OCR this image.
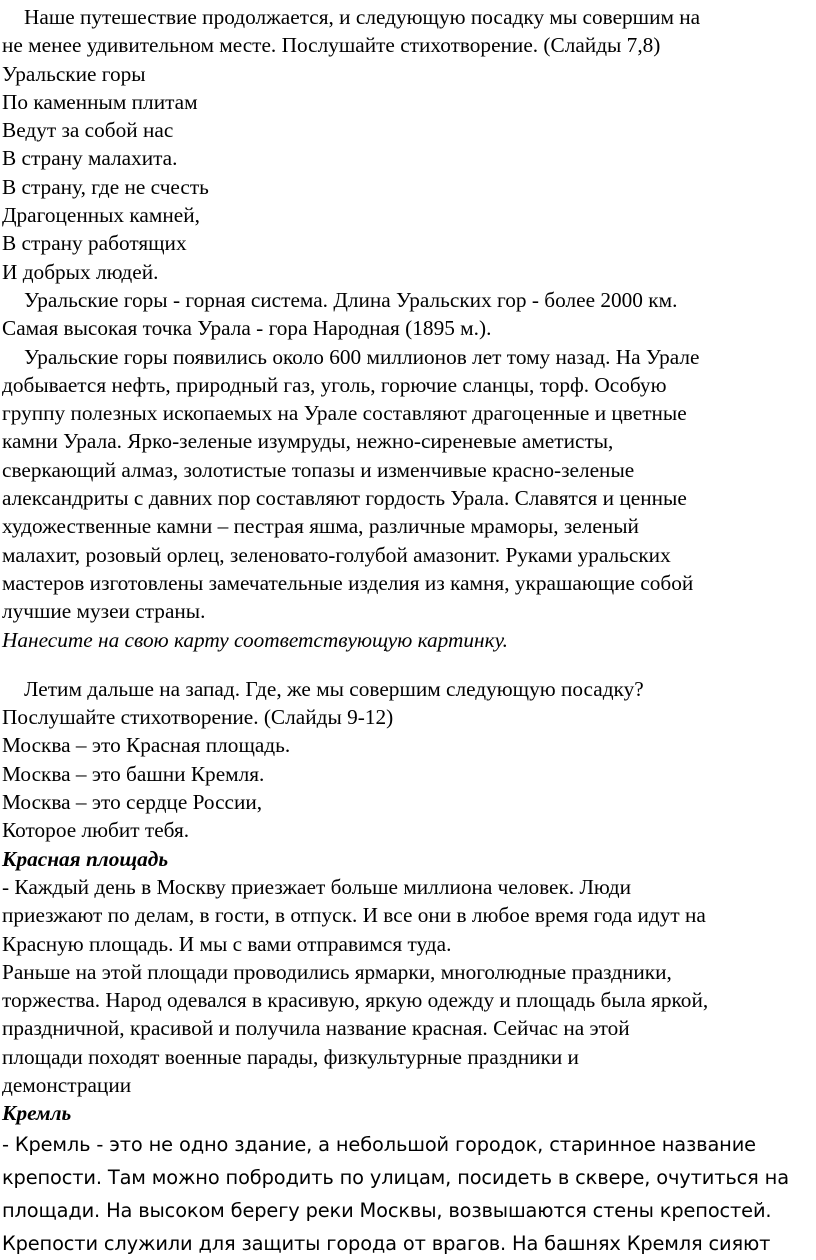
Наше путешествие продолжается, и следующую посадку мы совершим на
не менее удивительном месте. Послушайте стихотворение. (Слайды 7,8)
Уральские горы
По каменным плитам
Ведут за собой нас
В страну малахита.
В страну, где не счесть
Драгоценных камней,
В страну работящих
И добрых людей.
Уральские горы - горная система. Длина Уральских гор - более 2000 км.
Самая высокая точка Урала - гора Народная (1895 м.).
Уральские горы появились около 600 миллионов лет тому назад. На Урале
добывается нефть, природный газ, уголь, горючие сланцы, торф. Особую
группу полезных ископаемых на Урале составляют драгоценные и цветные
камни Урала. Ярко-зеленые изумруды, нежно-сиреневые аметисты,
сверкающий алмаз, золотистые топазы и изменчивые красно-зеленые
александриты с давних пор составляют гордость Урала. Славятся и ценные
художественные камни – пестрая яшма, различные мраморы, зеленый
малахит, розовый орлец, зеленовато-голубой амазонит. Руками уральских
мастеров изготовлены замечательные изделия из камня, украшающие собой
лучшие музеи страны.
Нанесите на свою карту соответствующую картинку.
Летим дальше на запад. Где, же мы совершим следующую посадку?
Послушайте стихотворение. (Слайды 9-12)
Москва – это Красная площадь.
Москва – это башни Кремля.
Москва – это сердце России,
Которое любит тебя.
Красная площадь
- Каждый день в Москву приезжает больше миллиона человек. Люди
приезжают по делам, в гости, в отпуск. И все они в любое время года идут на
Красную площадь. И мы с вами отправимся туда.
Раньше на этой площади проводились ярмарки, многолюдные праздники,
торжества. Народ одевался в красивую, яркую одежду и площадь была яркой,
праздничной, красивой и получила название красная. Сейчас на этой
площади походят военные парады, физкультурные праздники и
демонстрации
Кремль
- Кремль - это не одно здание, а небольшой городок, старинное название
крепости. Там можно побродить по улицам, посидеть в сквере, очутиться на
площади. На высоком берегу реки Москвы, возвышаются стены крепостей.
Крепости служили для защиты города от врагов. На башнях Кремля сияют
